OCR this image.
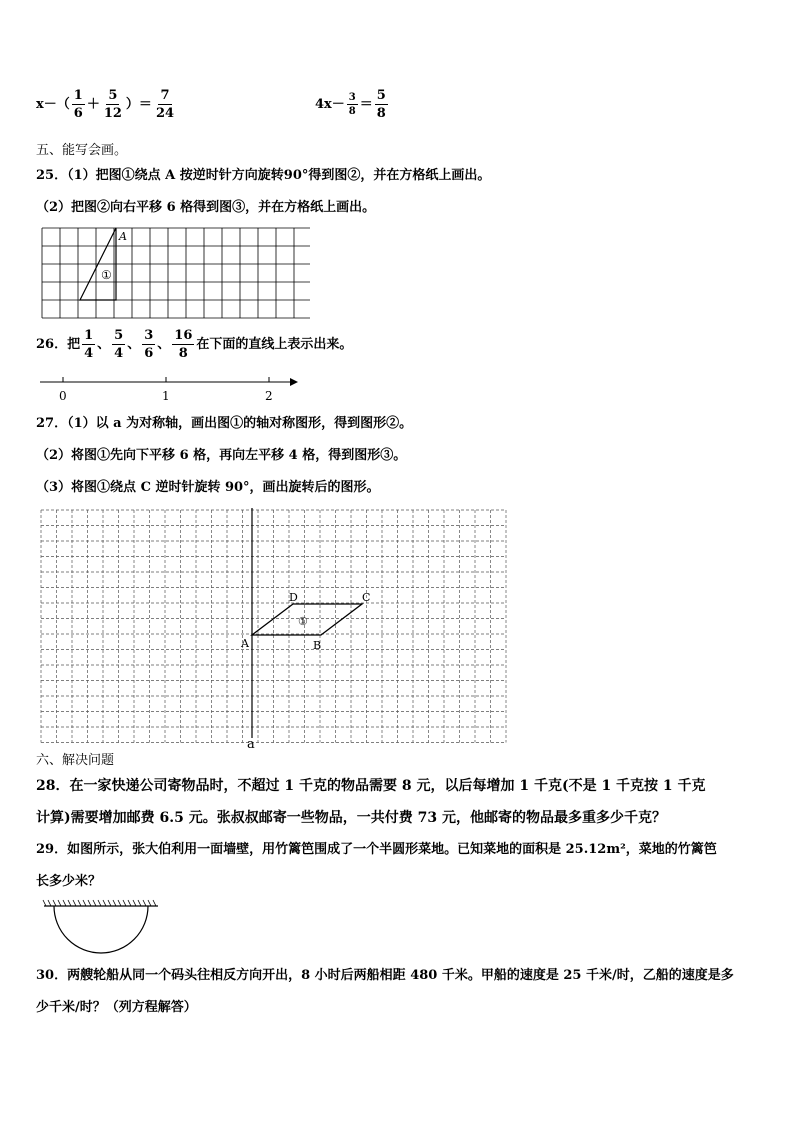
$x-( \frac{1}{6} + \frac{5}{12}$ ）＝ $\frac{7}{24}$	$4x- \frac{3}{8} = \frac{5}{8}$
五、能写会画。
25．（1）把图①绕点 A 按逆时针方向旋转90°得到图②，并在方格纸上画出。
（2）把图②向右平移 6 格得到图③，并在方格纸上画出。
A
①
26．把 $\frac{1}{4}$ 、 $\frac{5}{4}$ 、 $\frac{3}{6}$ 、 $\frac{16}{8}$ 在下面的直线上表示出来。
0	1	2
27．（1）以 a 为对称轴，画出图①的轴对称图形，得到图形②。
（2）将图①先向下平移 6 格，再向左平移 4 格，得到图形③。
（3）将图①绕点 C 逆时针旋转 90°，画出旋转后的图形。
A	B
C
D
①
a
六、解决问题
28．在一家快递公司寄物品时，不超过 1 千克的物品需要 8 元，以后每增加 1 千克(不是 1 千克按 1 千克
计算)需要增加邮费 6.5 元。张叔叔邮寄一些物品，一共付费 73 元，他邮寄的物品最多重多少千克？
29．如图所示，张大伯利用一面墙壁，用竹篱笆围成了一个半圆形菜地。已知菜地的面积是 25.12m²，菜地的竹篱笆
长多少米？
30．两艘轮船从同一个码头往相反方向开出，8 小时后两船相距 480 千米。甲船的速度是 25 千米/时，乙船的速度是多
少千米/时？（列方程解答）
